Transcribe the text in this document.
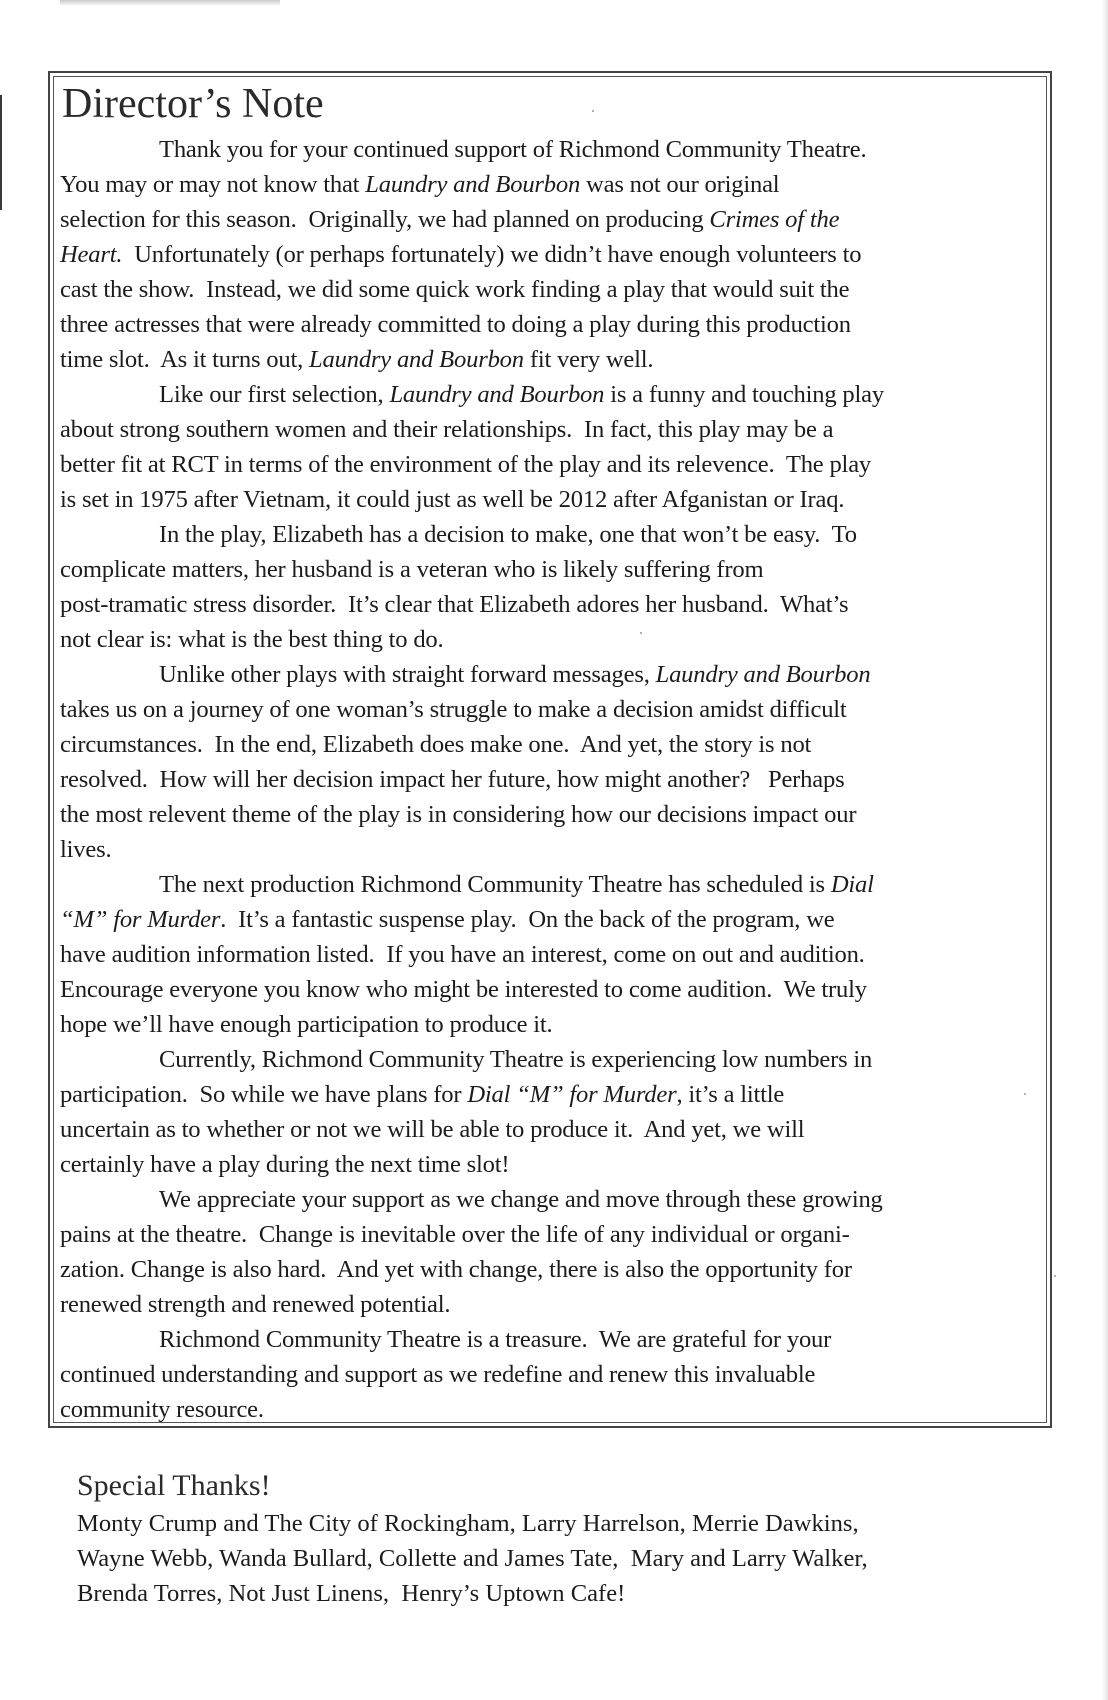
Director’s Note
Thank you for your continued support of Richmond Community Theatre.
You may or may not know that Laundry and Bourbon was not our original
selection for this season.  Originally, we had planned on producing Crimes of the
Heart.  Unfortunately (or perhaps fortunately) we didn’t have enough volunteers to
cast the show.  Instead, we did some quick work finding a play that would suit the
three actresses that were already committed to doing a play during this production
time slot.  As it turns out, Laundry and Bourbon fit very well.
Like our first selection, Laundry and Bourbon is a funny and touching play
about strong southern women and their relationships.  In fact, this play may be a
better fit at RCT in terms of the environment of the play and its relevence.  The play
is set in 1975 after Vietnam, it could just as well be 2012 after Afganistan or Iraq.
In the play, Elizabeth has a decision to make, one that won’t be easy.  To
complicate matters, her husband is a veteran who is likely suffering from
post-tramatic stress disorder.  It’s clear that Elizabeth adores her husband.  What’s
not clear is: what is the best thing to do.
Unlike other plays with straight forward messages, Laundry and Bourbon
takes us on a journey of one woman’s struggle to make a decision amidst difficult
circumstances.  In the end, Elizabeth does make one.  And yet, the story is not
resolved.  How will her decision impact her future, how might another?   Perhaps
the most relevent theme of the play is in considering how our decisions impact our
lives.
The next production Richmond Community Theatre has scheduled is Dial
“M” for Murder.  It’s a fantastic suspense play.  On the back of the program, we
have audition information listed.  If you have an interest, come on out and audition.
Encourage everyone you know who might be interested to come audition.  We truly
hope we’ll have enough participation to produce it.
Currently, Richmond Community Theatre is experiencing low numbers in
participation.  So while we have plans for Dial “M” for Murder, it’s a little
uncertain as to whether or not we will be able to produce it.  And yet, we will
certainly have a play during the next time slot!
We appreciate your support as we change and move through these growing
pains at the theatre.  Change is inevitable over the life of any individual or organi-
zation. Change is also hard.  And yet with change, there is also the opportunity for
renewed strength and renewed potential.
Richmond Community Theatre is a treasure.  We are grateful for your
continued understanding and support as we redefine and renew this invaluable
community resource.
Special Thanks!
Monty Crump and The City of Rockingham, Larry Harrelson, Merrie Dawkins,
Wayne Webb, Wanda Bullard, Collette and James Tate,  Mary and Larry Walker,
Brenda Torres, Not Just Linens,  Henry’s Uptown Cafe!
